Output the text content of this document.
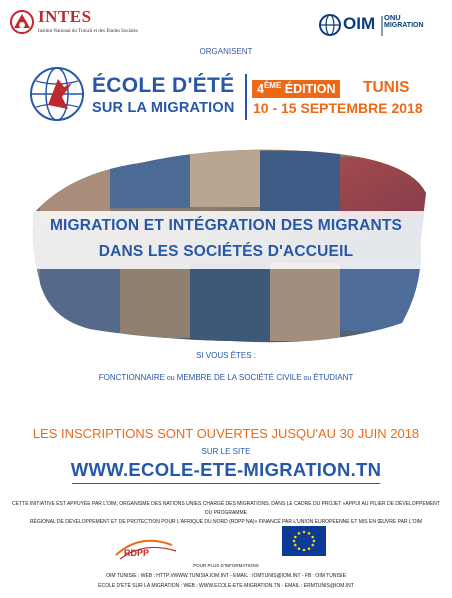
INTES
Institut National du Travail et des Etudes Sociales	OIM ONU
MIGRATION
ORGANISENT
ÉCOLE D'ÉTÉ
SUR LA MIGRATION
4ÈME ÉDITION	TUNIS
10 - 15 SEPTEMBRE 2018
MIGRATION ET INTÉGRATION DES MIGRANTS
DANS LES SOCIÉTÉS D'ACCUEIL
SI VOUS ÊTES :
FONCTIONNAIRE ou MEMBRE DE LA SOCIÉTÉ CIVILE ou ÉTUDIANT
LES INSCRIPTIONS SONT OUVERTES JUSQU'AU 30 JUIN 2018
SUR LE SITE
WWW.ECOLE-ETE-MIGRATION.TN
CETTE INITIATIVE EST APPUYÉE PAR L'OIM, ORGANISME DES NATIONS UNIES CHARGÉ DES MIGRATIONS, DANS LE CADRE DU PROJET «APPUI AU PILIER DE DÉVELOPPEMENT DU PROGRAMME
RÉGIONAL DE DÉVELOPPEMENT ET DE PROTECTION POUR L'AFRIQUE DU NORD (RDPP NA)» FINANCÉ PAR L'UNION EUROPÉENNE ET MIS EN ŒUVRE PAR L'OIM
RDPP
POUR PLUS D'INFORMATIONS
OIM TUNISIE : WEB : HTTP://WWW.TUNISIA.IOM.INT - EMAIL : IOMTUNIS@IOM.INT - FB : OIM TUNISIE
ÉCOLE D'ÉTÉ SUR LA MIGRATION : WEB : WWW.ECOLE-ETE-MIGRATION.TN - EMAIL : ERMTUNIS@IOM.INT
